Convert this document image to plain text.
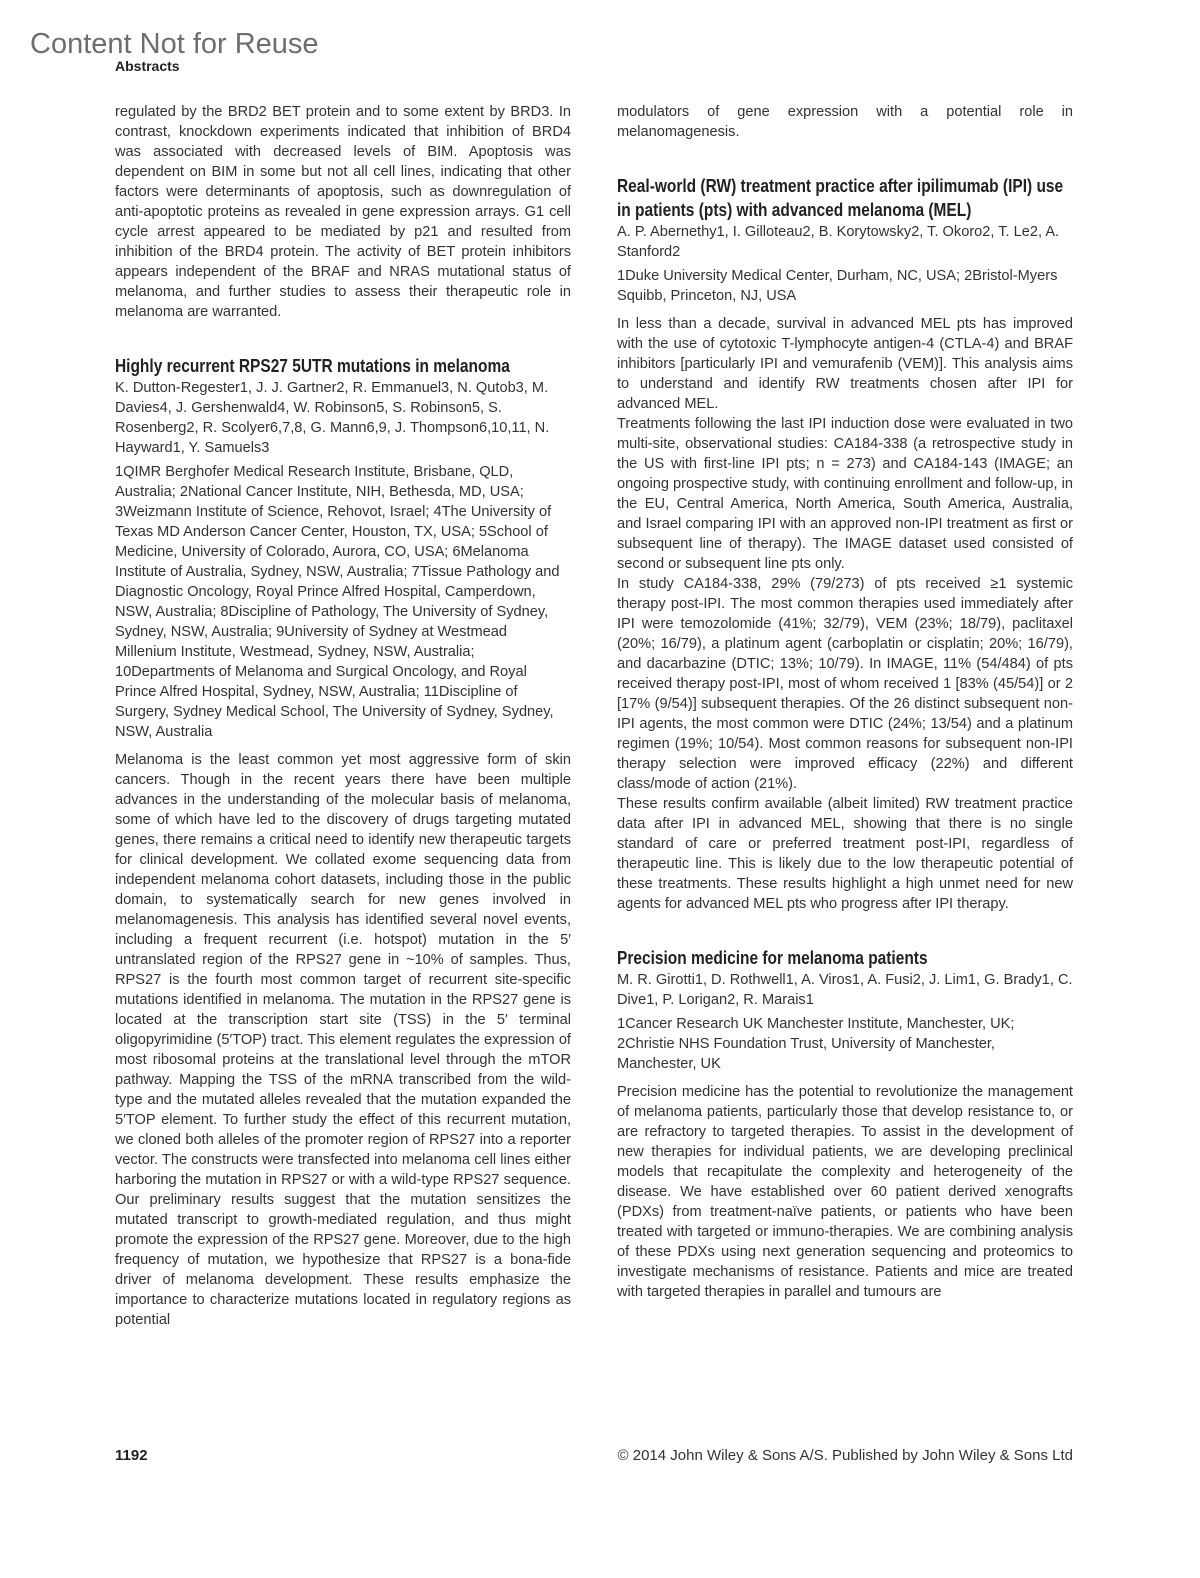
Content Not for Reuse
Abstracts

regulated by the BRD2 BET protein and to some extent by BRD3. In contrast, knockdown experiments indicated that inhibition of BRD4 was associated with decreased levels of BIM. Apoptosis was dependent on BIM in some but not all cell lines, indicating that other factors were determinants of apoptosis, such as downregulation of anti-apoptotic proteins as revealed in gene expression arrays. G1 cell cycle arrest appeared to be mediated by p21 and resulted from inhibition of the BRD4 protein. The activity of BET protein inhibitors appears independent of the BRAF and NRAS mutational status of melanoma, and further studies to assess their therapeutic role in melanoma are warranted.

Highly recurrent RPS27 5UTR mutations in melanoma

K. Dutton-Regester1, J. J. Gartner2, R. Emmanuel3, N. Qutob3, M. Davies4, J. Gershenwald4, W. Robinson5, S. Robinson5, S. Rosenberg2, R. Scolyer6,7,8, G. Mann6,9, J. Thompson6,10,11, N. Hayward1, Y. Samuels3

1QIMR Berghofer Medical Research Institute, Brisbane, QLD, Australia; 2National Cancer Institute, NIH, Bethesda, MD, USA; 3Weizmann Institute of Science, Rehovot, Israel; 4The University of Texas MD Anderson Cancer Center, Houston, TX, USA; 5School of Medicine, University of Colorado, Aurora, CO, USA; 6Melanoma Institute of Australia, Sydney, NSW, Australia; 7Tissue Pathology and Diagnostic Oncology, Royal Prince Alfred Hospital, Camperdown, NSW, Australia; 8Discipline of Pathology, The University of Sydney, Sydney, NSW, Australia; 9University of Sydney at Westmead Millenium Institute, Westmead, Sydney, NSW, Australia; 10Departments of Melanoma and Surgical Oncology, and Royal Prince Alfred Hospital, Sydney, NSW, Australia; 11Discipline of Surgery, Sydney Medical School, The University of Sydney, Sydney, NSW, Australia

Melanoma is the least common yet most aggressive form of skin cancers. Though in the recent years there have been multiple advances in the understanding of the molecular basis of melanoma, some of which have led to the discovery of drugs targeting mutated genes, there remains a critical need to identify new therapeutic targets for clinical development. We collated exome sequencing data from independent melanoma cohort datasets, including those in the public domain, to systematically search for new genes involved in melanomagenesis. This analysis has identified several novel events, including a frequent recurrent (i.e. hotspot) mutation in the 5′ untranslated region of the RPS27 gene in ~10% of samples. Thus, RPS27 is the fourth most common target of recurrent site-specific mutations identified in melanoma. The mutation in the RPS27 gene is located at the transcription start site (TSS) in the 5′ terminal oligopyrimidine (5′TOP) tract. This element regulates the expression of most ribosomal proteins at the translational level through the mTOR pathway. Mapping the TSS of the mRNA transcribed from the wild-type and the mutated alleles revealed that the mutation expanded the 5′TOP element. To further study the effect of this recurrent mutation, we cloned both alleles of the promoter region of RPS27 into a reporter vector. The constructs were transfected into melanoma cell lines either harboring the mutation in RPS27 or with a wild-type RPS27 sequence. Our preliminary results suggest that the mutation sensitizes the mutated transcript to growth-mediated regulation, and thus might promote the expression of the RPS27 gene. Moreover, due to the high frequency of mutation, we hypothesize that RPS27 is a bona-fide driver of melanoma development. These results emphasize the importance to characterize mutations located in regulatory regions as potential

modulators of gene expression with a potential role in melanomagenesis.

Real-world (RW) treatment practice after ipilimumab (IPI) use in patients (pts) with advanced melanoma (MEL)

A. P. Abernethy1, I. Gilloteau2, B. Korytowsky2, T. Okoro2, T. Le2, A. Stanford2

1Duke University Medical Center, Durham, NC, USA; 2Bristol-Myers Squibb, Princeton, NJ, USA

In less than a decade, survival in advanced MEL pts has improved with the use of cytotoxic T-lymphocyte antigen-4 (CTLA-4) and BRAF inhibitors [particularly IPI and vemurafenib (VEM)]. This analysis aims to understand and identify RW treatments chosen after IPI for advanced MEL.

Treatments following the last IPI induction dose were evaluated in two multi-site, observational studies: CA184-338 (a retrospective study in the US with first-line IPI pts; n = 273) and CA184-143 (IMAGE; an ongoing prospective study, with continuing enrollment and follow-up, in the EU, Central America, North America, South America, Australia, and Israel comparing IPI with an approved non-IPI treatment as first or subsequent line of therapy). The IMAGE dataset used consisted of second or subsequent line pts only.

In study CA184-338, 29% (79/273) of pts received ≥1 systemic therapy post-IPI. The most common therapies used immediately after IPI were temozolomide (41%; 32/79), VEM (23%; 18/79), paclitaxel (20%; 16/79), a platinum agent (carboplatin or cisplatin; 20%; 16/79), and dacarbazine (DTIC; 13%; 10/79). In IMAGE, 11% (54/484) of pts received therapy post-IPI, most of whom received 1 [83% (45/54)] or 2 [17% (9/54)] subsequent therapies. Of the 26 distinct subsequent non-IPI agents, the most common were DTIC (24%; 13/54) and a platinum regimen (19%; 10/54). Most common reasons for subsequent non-IPI therapy selection were improved efficacy (22%) and different class/mode of action (21%).

These results confirm available (albeit limited) RW treatment practice data after IPI in advanced MEL, showing that there is no single standard of care or preferred treatment post-IPI, regardless of therapeutic line. This is likely due to the low therapeutic potential of these treatments. These results highlight a high unmet need for new agents for advanced MEL pts who progress after IPI therapy.

Precision medicine for melanoma patients

M. R. Girotti1, D. Rothwell1, A. Viros1, A. Fusi2, J. Lim1, G. Brady1, C. Dive1, P. Lorigan2, R. Marais1

1Cancer Research UK Manchester Institute, Manchester, UK; 2Christie NHS Foundation Trust, University of Manchester, Manchester, UK

Precision medicine has the potential to revolutionize the management of melanoma patients, particularly those that develop resistance to, or are refractory to targeted therapies. To assist in the development of new therapies for individual patients, we are developing preclinical models that recapitulate the complexity and heterogeneity of the disease. We have established over 60 patient derived xenografts (PDXs) from treatment-naïve patients, or patients who have been treated with targeted or immuno-therapies. We are combining analysis of these PDXs using next generation sequencing and proteomics to investigate mechanisms of resistance. Patients and mice are treated with targeted therapies in parallel and tumours are

1192	© 2014 John Wiley & Sons A/S. Published by John Wiley & Sons Ltd
